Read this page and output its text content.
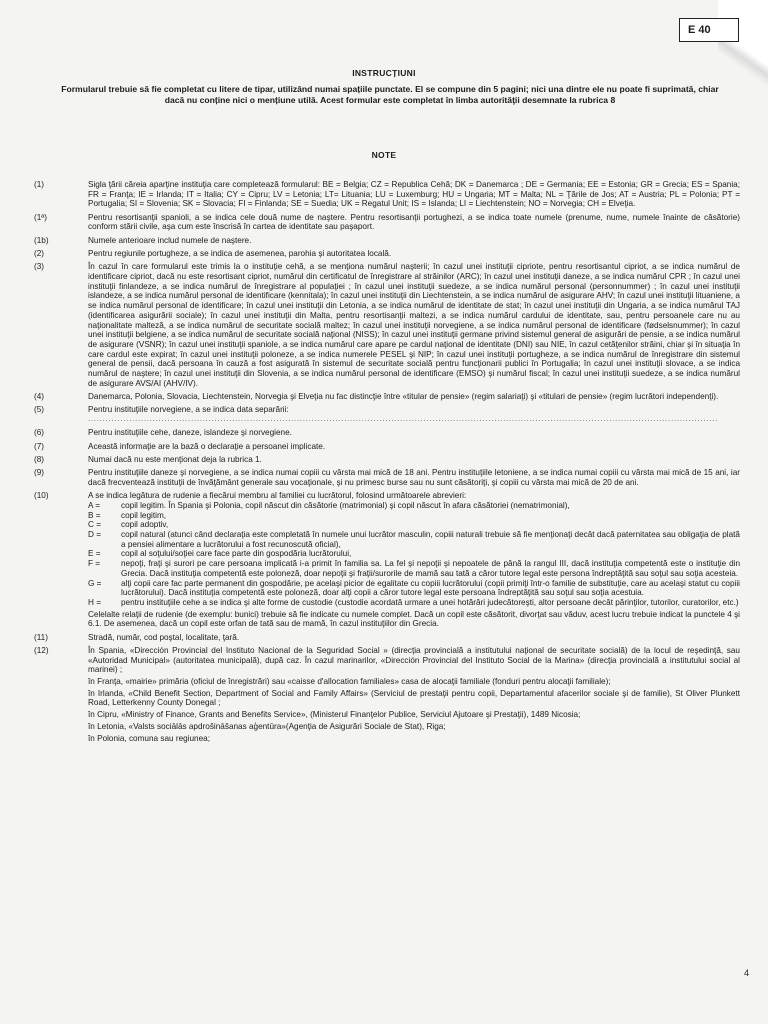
E 40
INSTRUCȚIUNI
Formularul trebuie să fie completat cu litere de tipar, utilizând numai spațiile punctate. El se compune din 5 pagini; nici una dintre ele nu poate fi suprimată, chiar dacă nu conține nici o mențiune utilă. Acest formular este completat în limba autorităţii desemnate la rubrica 8
NOTE
(1)	Sigla ţării căreia aparţine instituţia care completează formularul: BE = Belgia; CZ = Republica Cehă; DK = Danemarca ; DE = Germania; EE = Estonia; GR = Grecia; ES = Spania; FR = Franţa; IE = Irlanda; IT = Italia; CY = Cipru; LV = Letonia; LT= Lituania; LU = Luxemburg; HU = Ungaria; MT = Malta; NL = Ţările de Jos; AT = Austria; PL = Polonia; PT = Portugalia; SI = Slovenia; SK = Slovacia; FI = Finlanda; SE = Suedia; UK = Regatul Unit; IS = Islanda; LI = Liechtenstein; NO = Norvegia; CH = Elveţia.
(1ª)	Pentru resortisanţii spanioli, a se indica cele două nume de naştere. Pentru resortisanţii portughezi, a se indica toate numele (prenume, nume, numele înainte de căsătorie) conform stării civile, aşa cum este înscrisă în cartea de identitate sau paşaport.
(1b)	Numele anterioare includ numele de naştere.
(2)	Pentru regiunile portugheze, a se indica de asemenea, parohia şi autoritatea locală.
(3)	În cazul în care formularul este trimis la o instituţie cehă, a se menţiona numărul naşterii; în cazul unei instituţii cipriote, pentru resortisantul cipriot, a se indica numărul de identificare cipriot, dacă nu este resortisant cipriot, numărul din certificatul de înregistrare al străinilor (ARC); în cazul unei instituţii daneze, a se indica numărul CPR ; în cazul unei instituţii finlandeze, a se indica numărul de înregistrare al populaţiei ; în cazul unei instituţii suedeze, a se indica numărul personal (personnummer) ; în cazul unei instituţii islandeze, a se indica numărul personal de identificare (kennitala); în cazul unei instituţii din Liechtenstein, a se indica numărul de asigurare AHV; în cazul unei instituţii lituaniene, a se indica numărul personal de identificare; în cazul unei instituţii din Letonia, a se indica numărul de identitate de stat; în cazul unei instituţii din Ungaria, a se indica numărul TAJ (identificarea asigurării sociale); în cazul unei instituţii din Malta, pentru resortisanţii maltezi, a se indica numărul cardului de identitate, sau, pentru persoanele care nu au naţionalitate malteză, a se indica numărul de securitate socială maltez; în cazul unei instituţii norvegiene, a se indica numărul personal de identificare (fødselsnummer); în cazul unei instituţii belgiene, a se indica numărul de securitate socială naţional (NISS); în cazul unei instituţii germane privind sistemul general de asigurări de pensie, a se indica numărul de asigurare (VSNR); în cazul unei instituţii spaniole, a se indica numărul care apare pe cardul naţional de identitate (DNI) sau NIE, în cazul cetăţenilor străini, chiar şi în situaţia în care cardul este expirat; în cazul unei instituţii poloneze, a se indica numerele PESEL şi NIP; în cazul unei instituţii portugheze, a se indica numărul de înregistrare din sistemul general de pensii, dacă persoana în cauză a fost asigurată în sistemul de securitate socială pentru funcţionarii publici în Portugalia; în cazul unei instituţii slovace, a se indica numărul de naştere; în cazul unei instituţii din Slovenia, a se indica numărul personal de identificare (EMSO) şi numărul fiscal; în cazul unei instituţii suedeze, a se indica numărul de asigurare AVS/AI (AHV/IV).
(4)	Danemarca, Polonia, Slovacia, Liechtenstein, Norvegia şi Elveţia nu fac distincţie între «titular de pensie» (regim salariaţi) şi «titulari de pensie» (regim lucrători independenţi).
(5)	Pentru instituţiile norvegiene, a se indica data separării:
......................................................................................................................................................................................................................
(6)	Pentru instituţiile cehe, daneze, islandeze şi norvegiene.
(7)	Această informaţie are la bază o declaraţie a persoanei implicate.
(8)	Numai dacă nu este menţionat deja la rubrica 1.
(9)	Pentru instituţiile daneze şi norvegiene, a se indica numai copiii cu vârsta mai mică de 18 ani. Pentru instituţiile letoniene, a se indica numai copiii cu vârsta mai mică de 15 ani, iar dacă frecventează instituţii de învăţământ generale sau vocaţionale, şi nu primesc burse sau nu sunt căsătoriţi, şi copiii cu vârsta mai mică de 20 de ani.
(10)	A se indica legătura de rudenie a fiecărui membru al familiei cu lucrătorul, folosind următoarele abrevieri:
A =	copil legitim. În Spania şi Polonia, copil născut din căsătorie (matrimonial) şi copil născut în afara căsătoriei (nematrimonial),
B =	copil legitim,
C =	copil adoptiv,
D =	copil natural (atunci când declaraţia este completată în numele unui lucrător masculin, copiii naturali trebuie să fie menţionaţi decât dacă paternitatea sau obligaţia de plată a pensiei alimentare a lucrătorului a fost recunoscută oficial),
E =	copil al soţului/soţiei care face parte din gospodăria lucrătorului,
F =	nepoţi, fraţi şi surori pe care persoana implicată i-a primit în familia sa. La fel şi nepoţii şi nepoatele de până la rangul III, dacă instituţia competentă este o instituţie din Grecia. Dacă instituţia competentă este poloneză, doar nepoţii şi fraţii/surorile de mamă sau tată a căror tutore legal este persona îndreptăţită sau soţul sau soţia acesteia.
G =	alţi copii care fac parte permanent din gospodărie, pe acelaşi picior de egalitate cu copiii lucrătorului (copii primiţi într-o familie de substituţie, care au acelaşi statut cu copiii lucrătorului). Dacă instituţia competentă este poloneză, doar alţi copii a căror tutore legal este persoana îndreptăţită sau soţul sau soţia acestuia.
H =	pentru instituţiile cehe a se indica şi alte forme de custodie (custodie acordată urmare a unei hotărâri judecătoreşti, altor persoane decât părinţilor, tutorilor, curatorilor, etc.)
Celelalte relaţii de rudenie (de exemplu: bunici) trebuie să fie indicate cu numele complet. Dacă un copil este căsătorit, divorţat sau văduv, acest lucru trebuie indicat la punctele 4 şi 6.1. De asemenea, dacă un copil este orfan de tată sau de mamă, în cazul instituţiilor din Grecia.
(11)	Stradă, număr, cod poştal, localitate, ţară.
(12)	În Spania, «Dirección Provincial del Instituto Nacional de la Seguridad Social » (direcţia provincială a institutului naţional de securitate socială) de la locul de reşedinţă, sau «Autoridad Municipal» (autoritatea municipală), după caz. În cazul marinarilor, «Dirección Provincial del Instituto Social de la Marina» (direcţia provincială a institutului social al marinei) ;
în Franţa, «mairie» primăria (oficiul de înregistrări) sau «caisse d'allocation familiales» casa de alocaţii familiale (fonduri pentru alocaţii familiale);
în Irlanda, «Child Benefit Section, Department of Social and Family Affairs» (Serviciul de prestaţii pentru copii, Departamentul afacerilor sociale şi de familie), St Oliver Plunkett Road, Letterkenny County Donegal ;
în Cipru, «Ministry of Finance, Grants and Benefits Service», (Ministerul Finanţelor Publice, Serviciul Ajutoare şi Prestaţii), 1489 Nicosia;
în Letonia, «Valsts sociālās apdrošināšanas aģentūra»(Agenţia de Asigurări Sociale de Stat), Riga;
în Polonia, comuna sau regiunea;
4
